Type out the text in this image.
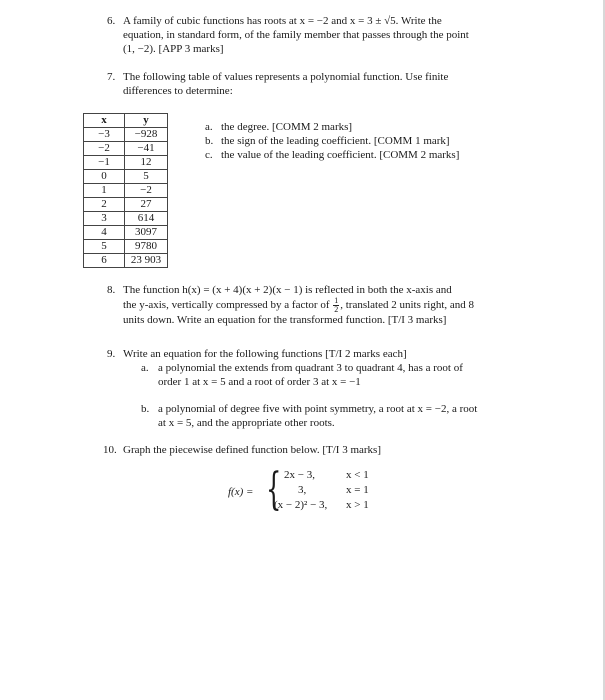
6. A family of cubic functions has roots at x = −2 and x = 3 ± √5. Write the
equation, in standard form, of the family member that passes through the point
(1, −2). [APP 3 marks]
7. The following table of values represents a polynomial function. Use finite
differences to determine:
x	y
−3	−928
−2	−41
−1	12
0	5
1	−2
2	27
3	614
4	3097
5	9780
6	23 903
a. the degree. [COMM 2 marks]
b. the sign of the leading coefficient. [COMM 1 mark]
c. the value of the leading coefficient. [COMM 2 marks]
8. The function h(x) = (x + 4)(x + 2)(x − 1) is reflected in both the x-axis and
the y-axis, vertically compressed by a factor of $\frac{1}{2}$ , translated 2 units right, and 8
units down. Write an equation for the transformed function. [T/I 3 marks]
9. Write an equation for the following functions [T/I 2 marks each]
a. a polynomial the extends from quadrant 3 to quadrant 4, has a root of
order 1 at x = 5 and a root of order 3 at x = −1
b. a polynomial of degree five with point symmetry, a root at x = −2, a root
at x = 5, and the appropriate other roots.
10. Graph the piecewise defined function below. [T/I 3 marks]
f(x) = { 2x − 3,	x < 1
3,	x = 1
(x − 2)² − 3, x > 1
